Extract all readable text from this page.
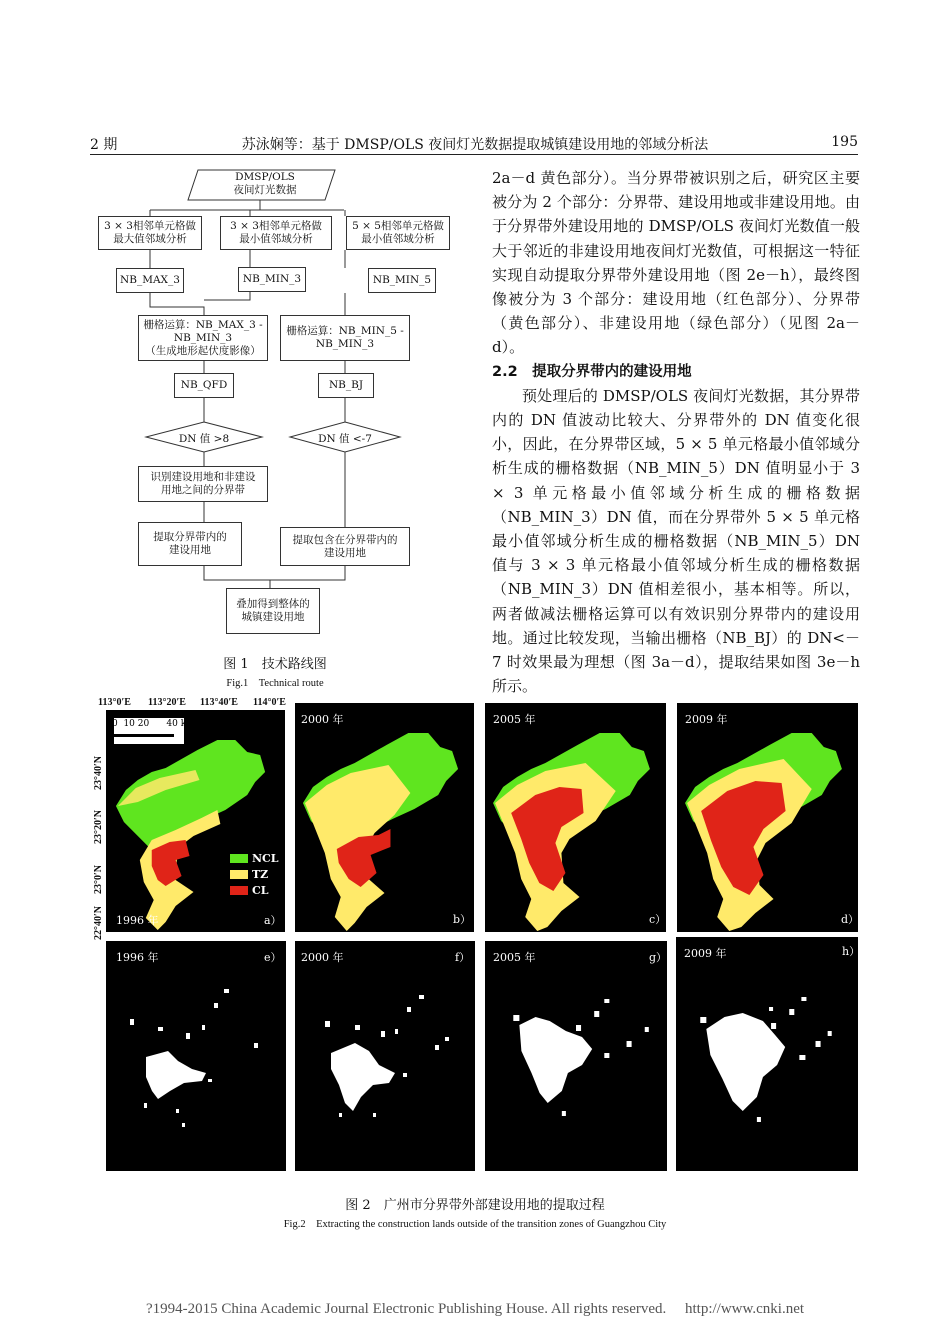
2 期	苏泳娴等：基于 DMSP/OLS 夜间灯光数据提取城镇建设用地的邻域分析法	195
DMSP/OLS
夜间灯光数据
3 × 3相邻单元格做
最大值邻域分析
3 × 3相邻单元格做
最小值邻域分析
5 × 5相邻单元格做
最小值邻域分析
NB_MAX_3	NB_MIN_3	NB_MIN_5
栅格运算：NB_MAX_3 -
NB_MIN_3
（生成地形起伏度影像）
栅格运算：NB_MIN_5 -
NB_MIN_3
NB_QFD	NB_BJ
DN 值 >8	DN 值 <-7
识别建设用地和非建设
用地之间的分界带
提取分界带内的
建设用地
提取包含在分界带内的
建设用地
叠加得到整体的
城镇建设用地
图 1　技术路线图
Fig.1　Technical route

2a－d 黄色部分）。当分界带被识别之后，研究区主要被分为 2 个部分：分界带、建设用地或非建设用地。由于分界带外建设用地的 DMSP/OLS 夜间灯光数值一般大于邻近的非建设用地夜间灯光数值，可根据这一特征实现自动提取分界带外建设用地（图 2e－h），最终图像被分为 3 个部分：建设用地（红色部分）、分界带（黄色部分）、非建设用地（绿色部分）（见图 2a－d）。

2.2　提取分界带内的建设用地

预处理后的 DMSP/OLS 夜间灯光数据，其分界带内的 DN 值波动比较大、分界带外的 DN 值变化很小，因此，在分界带区域，5 × 5 单元格最小值邻域分析生成的栅格数据（NB_MIN_5）DN 值明显小于 3 × 3 单元格最小值邻域分析生成的栅格数据（NB_MIN_3）DN 值，而在分界带外 5 × 5 单元格最小值邻域分析生成的栅格数据（NB_MIN_5）DN 值与 3 × 3 单元格最小值邻域分析生成的栅格数据（NB_MIN_3）DN 值相差很小，基本相等。所以，两者做减法栅格运算可以有效识别分界带内的建设用地。通过比较发现，当输出栅格（NB_BJ）的 DN<－7 时效果最为理想（图 3a－d），提取结果如图 3e－h 所示。

113°0′E 113°20′E 113°40′E 114°0′E
23°40′N
23°20′N
23°0′N
22°40′N
0  10 20      40 km
NCL
TZ
CL
1996 年	a）
2000 年
b）
2005 年
c）
2009 年
d）
1996 年	e） 2000 年	f） 2005 年	g） 2009 年	h）
图 2　广州市分界带外部建设用地的提取过程
Fig.2　Extracting the construction lands outside of the transition zones of Guangzhou City
?1994-2015 China Academic Journal Electronic Publishing House. All rights reserved.　 http://www.cnki.net
